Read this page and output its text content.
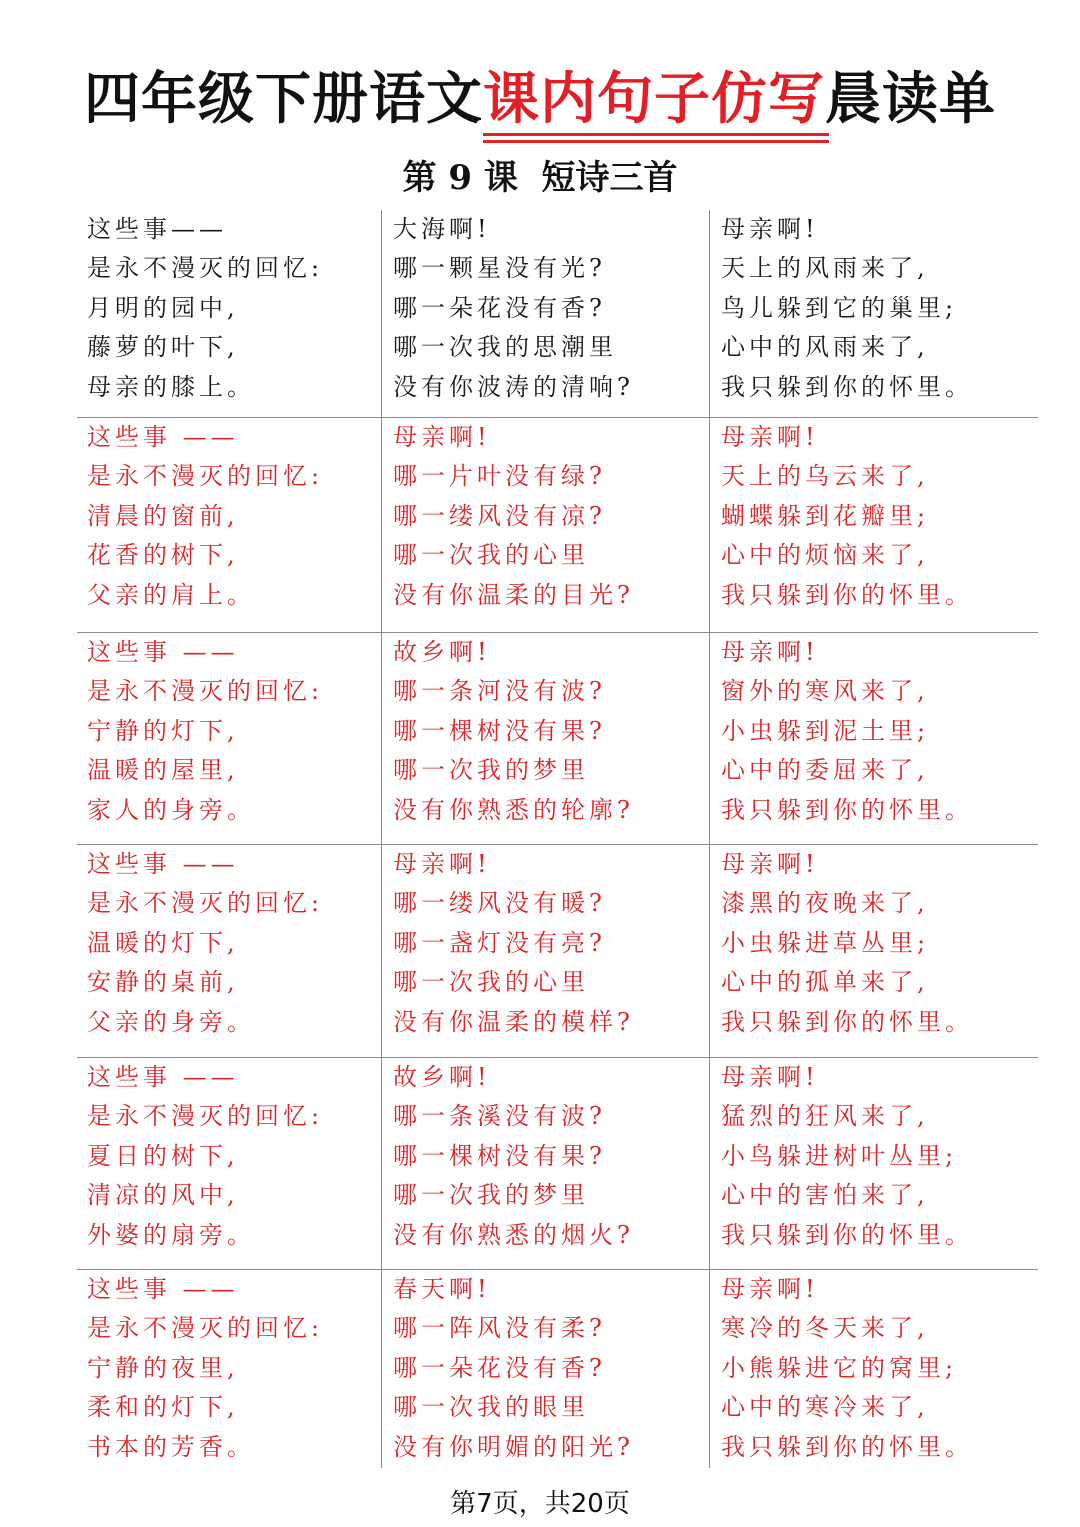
四年级下册语文课内句子仿写
晨读单
第 9 课  短诗三首
这些事——
是永不漫灭的回忆:
月明的园中,
藤萝的叶下,
母亲的膝上。
大海啊!
哪一颗星没有光?
哪一朵花没有香?
哪一次我的思潮里
没有你波涛的清响?
母亲啊!
天上的风雨来了,
鸟儿躲到它的巢里;
心中的风雨来了,
我只躲到你的怀里。
这些事 ——
是永不漫灭的回忆:
清晨的窗前,
花香的树下,
父亲的肩上。
母亲啊!
哪一片叶没有绿?
哪一缕风没有凉?
哪一次我的心里
没有你温柔的目光?
母亲啊!
天上的乌云来了,
蝴蝶躲到花瓣里;
心中的烦恼来了,
我只躲到你的怀里。
这些事 ——
是永不漫灭的回忆:
宁静的灯下,
温暖的屋里,
家人的身旁。
故乡啊!
哪一条河没有波?
哪一棵树没有果?
哪一次我的梦里
没有你熟悉的轮廓?
母亲啊!
窗外的寒风来了,
小虫躲到泥土里;
心中的委屈来了,
我只躲到你的怀里。
这些事 ——
是永不漫灭的回忆:
温暖的灯下,
安静的桌前,
父亲的身旁。
母亲啊!
哪一缕风没有暖?
哪一盏灯没有亮?
哪一次我的心里
没有你温柔的模样?
母亲啊!
漆黑的夜晚来了,
小虫躲进草丛里;
心中的孤单来了,
我只躲到你的怀里。
这些事 ——
是永不漫灭的回忆:
夏日的树下,
清凉的风中,
外婆的扇旁。
故乡啊!
哪一条溪没有波?
哪一棵树没有果?
哪一次我的梦里
没有你熟悉的烟火?
母亲啊!
猛烈的狂风来了,
小鸟躲进树叶丛里;
心中的害怕来了,
我只躲到你的怀里。
这些事 ——
是永不漫灭的回忆:
宁静的夜里,
柔和的灯下,
书本的芳香。
春天啊!
哪一阵风没有柔?
哪一朵花没有香?
哪一次我的眼里
没有你明媚的阳光?
母亲啊!
寒冷的冬天来了,
小熊躲进它的窝里;
心中的寒冷来了,
我只躲到你的怀里。
第7页，共20页
